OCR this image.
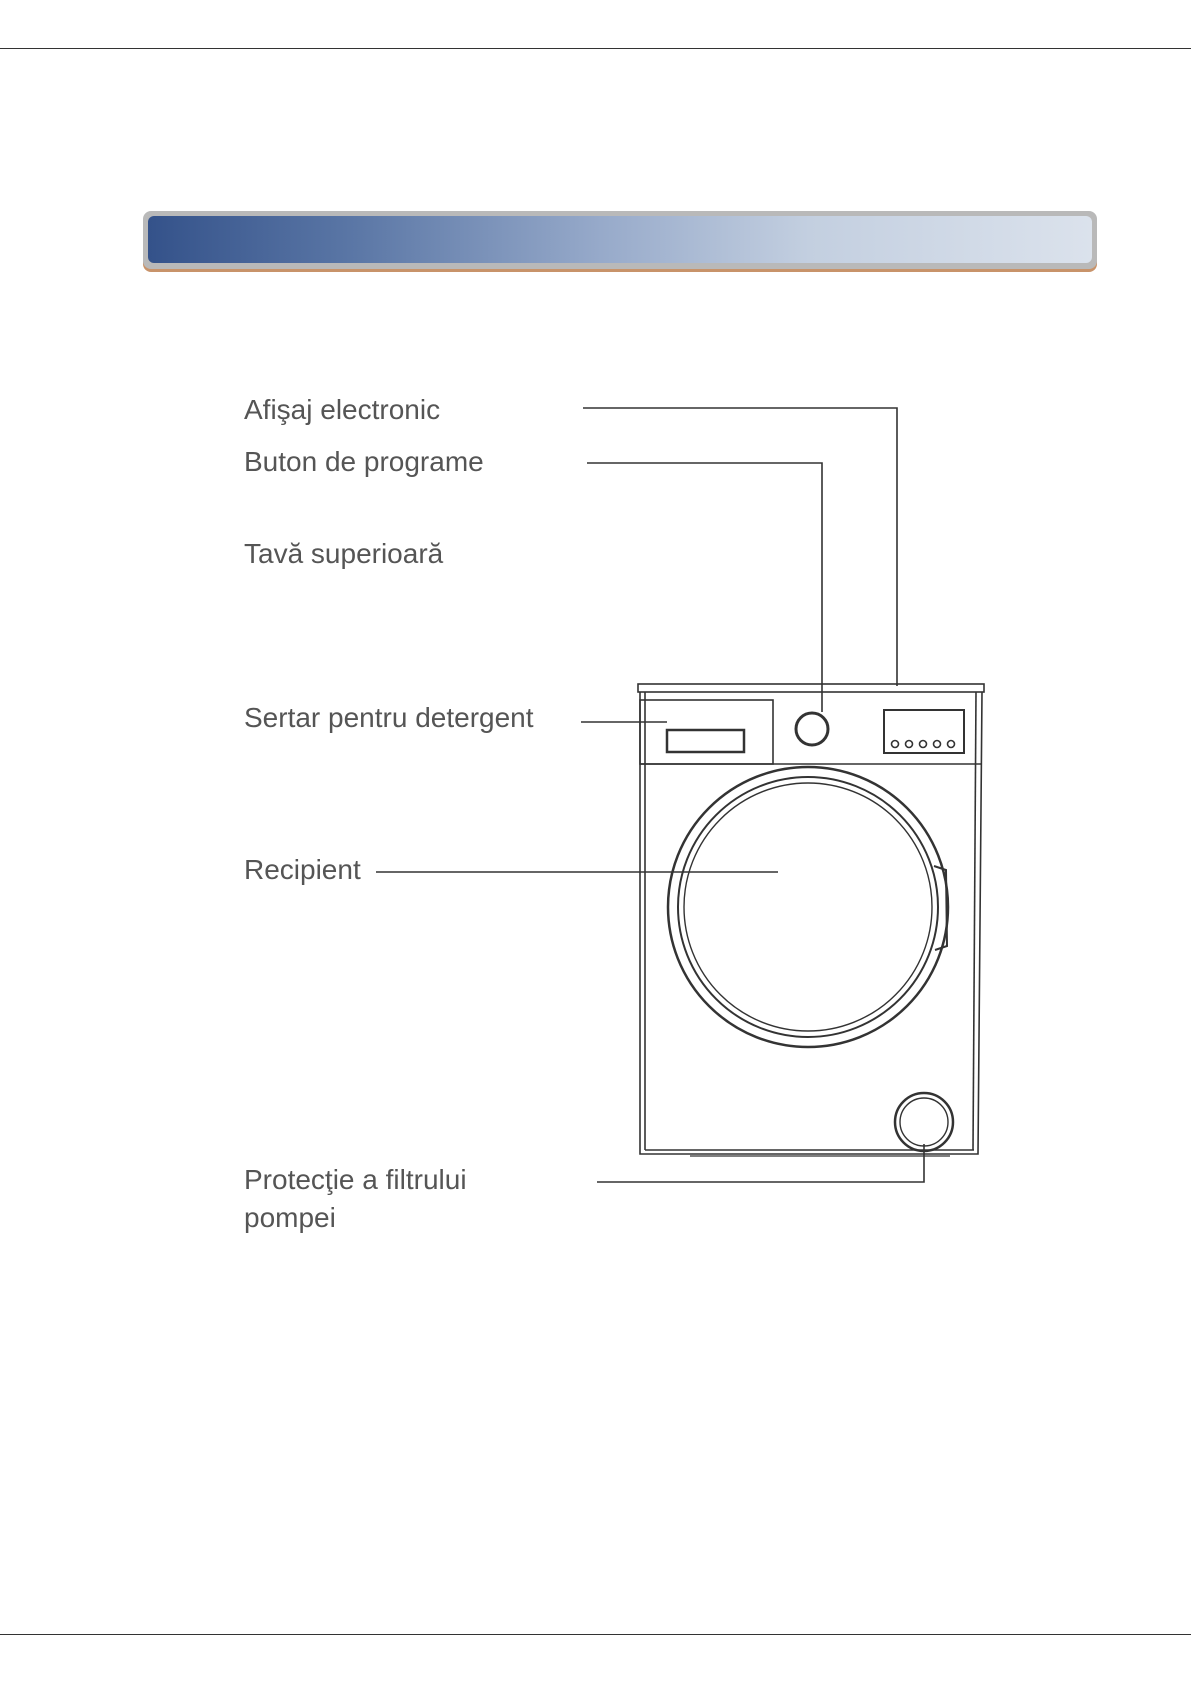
Afişaj electronic
Buton de programe
Tavă superioară
Sertar pentru detergent
Recipient
Protecţie a filtrului
pompei
